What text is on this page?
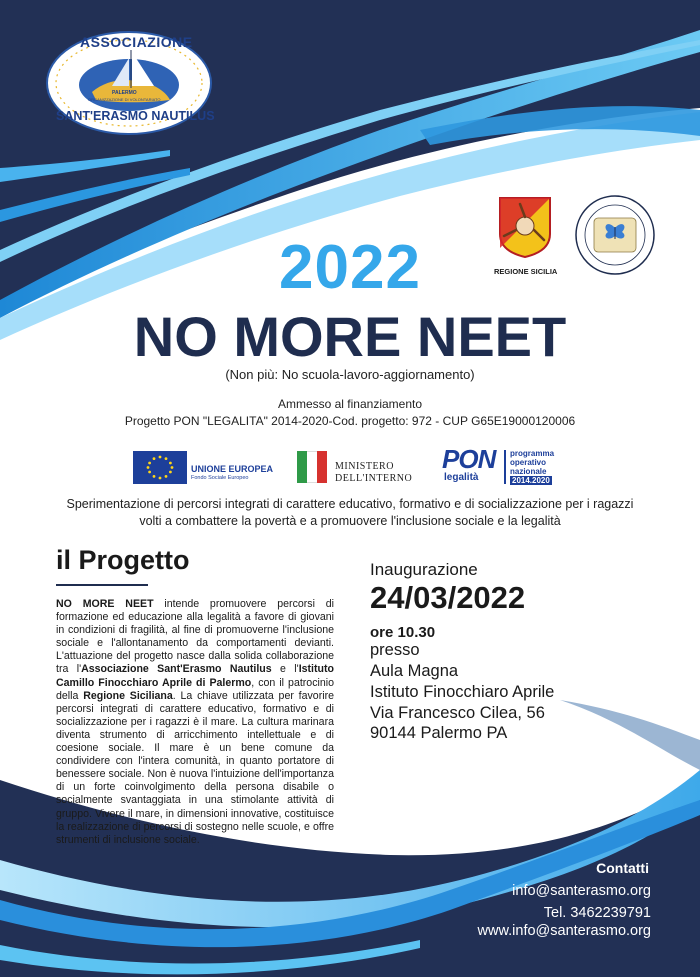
ASSOCIAZIONE
PALERMO
ORGANIZZAZIONE DI VOLONTARIATO
SANT'ERASMO NAUTILUS
REGIONE SICILIA
2022
NO MORE NEET
(Non più: No scuola-lavoro-aggiornamento)
Ammesso al finanziamento
Progetto PON "LEGALITA" 2014-2020-Cod. progetto: 972 - CUP G65E19000120006
UNIONE EUROPEA
Fondo Sociale Europeo
MINISTERO
DELL'INTERNO
PON
legalità
programma
operativo
nazionale
2014.2020
Sperimentazione di percorsi integrati di carattere educativo, formativo e di socializzazione per i ragazzi volti a combattere la povertà e a promuovere l'inclusione sociale e la legalità
il Progetto
NO MORE NEET intende promuovere percorsi di formazione ed educazione alla legalità a favore di giovani in condizioni di fragilità, al fine di promuoverne l'inclusione sociale e l'allontanamento da comportamenti devianti. L'attuazione del progetto nasce dalla solida collaborazione tra l'Associazione Sant'Erasmo Nautilus e l'Istituto Camillo Finocchiaro Aprile di Palermo, con il patrocinio della Regione Siciliana. La chiave utilizzata per favorire percorsi integrati di carattere educativo, formativo e di socializzazione per i ragazzi è il mare. La cultura marinara diventa strumento di arricchimento intellettuale e di coesione sociale. Il mare è un bene comune da condividere con l'intera comunità, in quanto portatore di benessere sociale. Non è nuova l'intuizione dell'importanza di un forte coinvolgimento della persona disabile o socialmente svantaggiata in una stimolante attività di gruppo. Vivere il mare, in dimensioni innovative, costituisce la realizzazione di percorsi di sostegno nelle scuole, e offre strumenti di inclusione sociale.
Inaugurazione
24/03/2022
ore 10.30
presso
Aula Magna
Istituto Finocchiaro Aprile
Via Francesco Cilea, 56
90144 Palermo PA
Contatti
info@santerasmo.org
Tel. 3462239791
www.info@santerasmo.org
